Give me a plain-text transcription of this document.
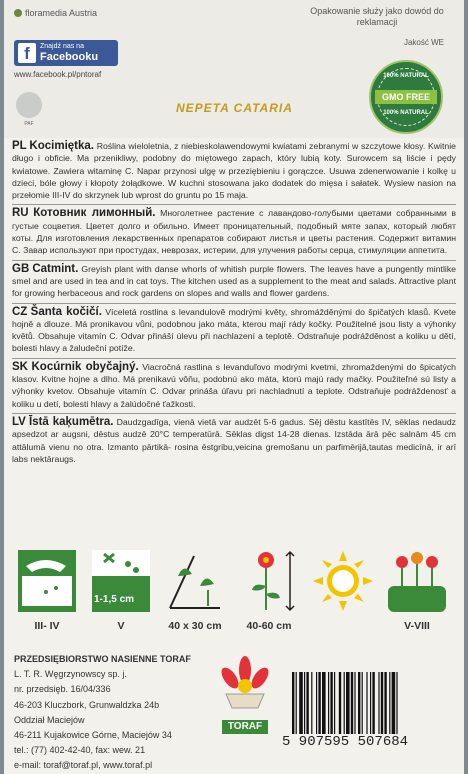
floramedia Austria
f	Znajdź nas na
Facebooku
www.facebook.pl/pntoraf
PAF
Opakowanie służy jako dowód do reklamacji
Jakość WE
100% NATURAL
GMO FREE
100% NATURAL
NEPETA CATARIA
PL Kocimiętka. Roślina wieloletnia, z niebieskolawendowymi kwiatami zebranymi w szczytowe kłosy. Kwitnie długo i obficie. Ma przenikliwy, podobny do miętowego zapach, który lubią koty. Surowcem są liście i pędy kwiatowe. Zawiera witaminę C. Napar przynosi ulgę w przeziębieniu i gorączce. Usuwa zdenerwowanie i kolkę u dzieci, bóle głowy i kłopoty żołądkowe. W kuchni stosowana jako dodatek do mięsa i sałatek. Wysiew nasion na przełomie III-IV do skrzynek lub wprost do gruntu po 15 maja.
RU Котовник лимонный. Многолетнее растение с лавандово-голубыми цветами собранными в густые соцветия. Цветет долго и обильно. Имеет проницательный, подобный мяте запах, который любят коты. Для изготовления лекарственных препаратов собирают листья и цветы растения. Содержит витамин С. Завар используют при простудах, неврозах, истерии, для улучения работы серца, стимуляции аппетита.
GB Catmint. Greyish plant with danse whorls of whitish purple flowers. The leaves have a pungently mintlike smel and are used in tea and in cat toys. The kitchen used as a supplement to the meat and salads. Attractive plant for growing herbaceous and rock gardens on slopes and walls and flower gardens.
CZ Šanta kočičí. Víceletá rostlina s levandulově modrými květy, shromážděnými do špičatých klasů. Kvete hojně a dlouze. Má pronikavou vůni, podobnou jako máta, kterou mají rády kočky. Použitelné jsou listy a výhonky květů. Obsahuje vitamín C. Odvar přináší úlevu při nachlazení a teplotě. Odstraňuje podrážděnost a koliku u dětí, bolesti hlavy a žaludeční potíže.
SK Kocúrnik obyčajný. Viacročná rastlina s levanduľovo modrými kvetmi, zhromaždenými do špicatých klasov. Kvitne hojne a dlho. Má prenikavú vôňu, podobnú ako máta, ktorú majú rady mačky. Použiteľné sú listy a výhonky kvetov. Obsahuje vitamín C. Odvar prináša úľavu pri nachladnutí a teplote. Odstraňuje podráždenosť a koliku u detí, bolesti hlavy a žalúdočné ťažkosti.
LV Īstā kaķumētra. Daudzgadīga, vienā vietā var audzēt 5-6 gadus. Sēj dēstu kastītēs IV, sēklas nedaudz apsedzot ar augsni, dēstus audzē 20°C temperatūrā. Sēklas digst 14-28 dienas. Izstāda ārā pēc salnām 45 cm attālumā vienu no otra. Izmanto pārtikā- rosina ēstgribu,veicina gremošanu un parfimērijā,tautas medicīnā, ir arī labs nektāraugs.
III- IV
1-1,5 cm
V	40 x 30 cm	40-60 cm	V-VIII
PRZEDSIĘBIORSTWO NASIENNE TORAF
L. T. R. Węgrzynowscy sp. j.
nr. przedsięb. 16/04/336
46-203 Kluczbork, Grunwaldzka 24b
Oddział Maciejów
46-211 Kujakowice Górne, Maciejów 34
tel.: (77) 402-42-40, fax: wew. 21
e-mail: toraf@toraf.pl, www.toraf.pl
TORAF
5 907595 507684
